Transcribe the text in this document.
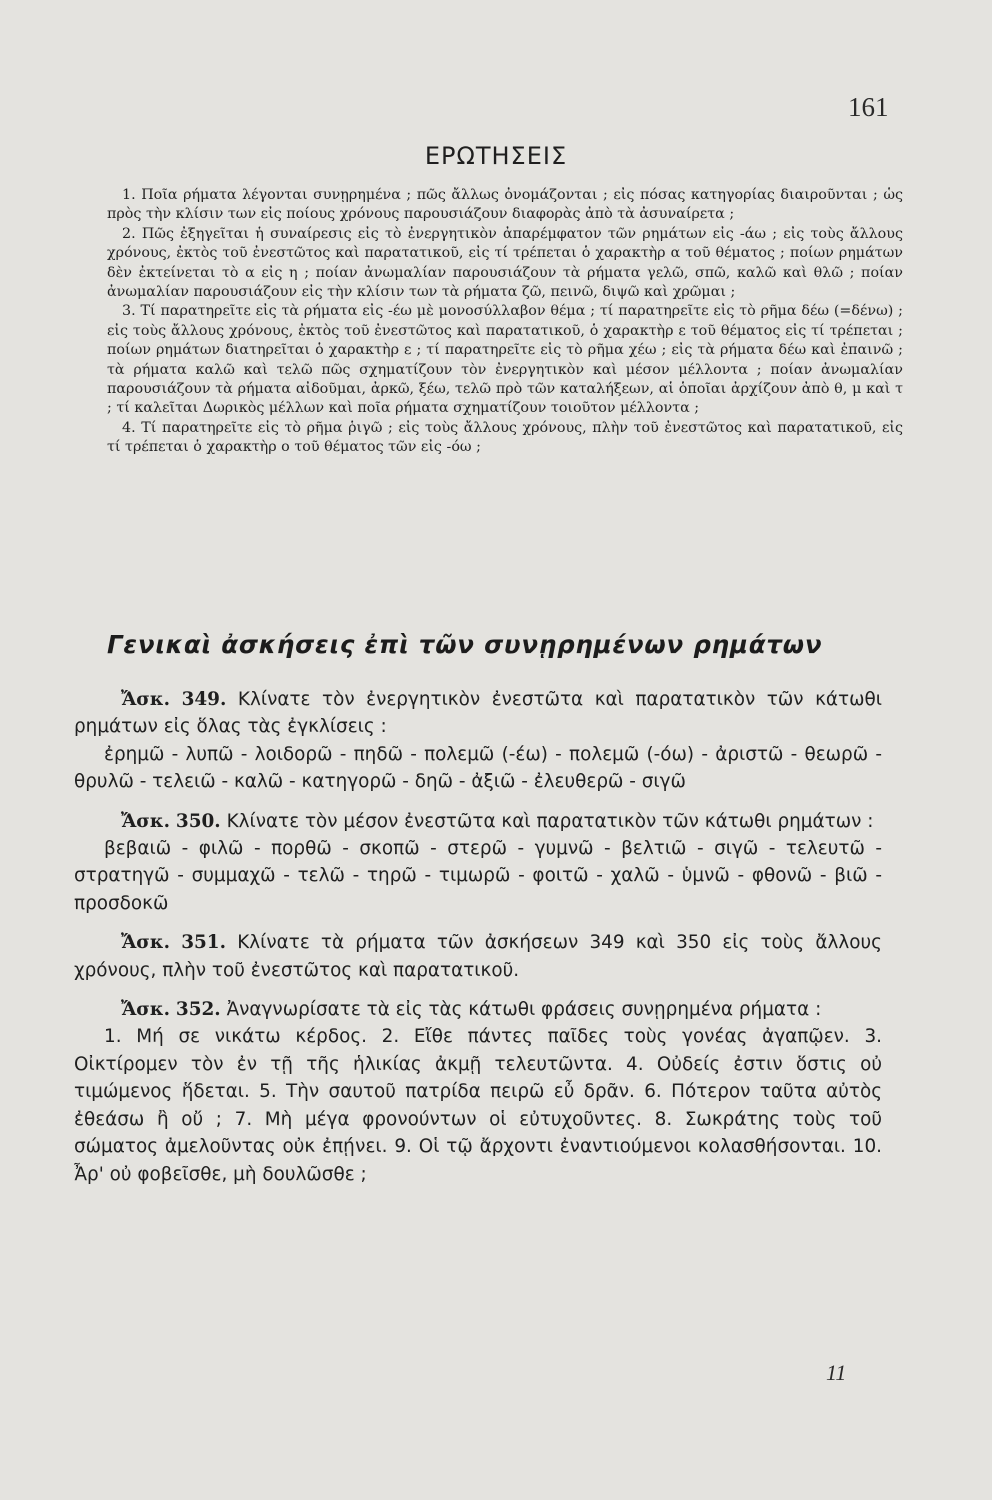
161
ΕΡΩΤΗΣΕΙΣ

1. Ποῖα ρήματα λέγονται συνῃρημένα ; πῶς ἄλλως ὀνομάζονται ; εἰς πόσας κατηγορίας διαιροῦνται ; ὡς πρὸς τὴν κλίσιν των εἰς ποίους χρόνους παρουσιάζουν διαφορὰς ἀπὸ τὰ ἀσυναίρετα ;

2. Πῶς ἐξηγεῖται ἡ συναίρεσις εἰς τὸ ἐνεργητικὸν ἀπαρέμφατον τῶν ρημάτων εἰς -άω ; εἰς τοὺς ἄλλους χρόνους, ἐκτὸς τοῦ ἐνεστῶτος καὶ παρατατικοῦ, εἰς τί τρέπεται ὁ χαρακτὴρ α τοῦ θέματος ; ποίων ρημάτων δὲν ἐκτείνεται τὸ α εἰς η ; ποίαν ἀνωμαλίαν παρουσιάζουν τὰ ρήματα γελῶ, σπῶ, καλῶ καὶ θλῶ ; ποίαν ἀνωμαλίαν παρουσιάζουν εἰς τὴν κλίσιν των τὰ ρήματα ζῶ, πεινῶ, διψῶ καὶ χρῶμαι ;

3. Τί παρατηρεῖτε εἰς τὰ ρήματα εἰς -έω μὲ μονοσύλλαβον θέμα ; τί παρατηρεῖτε εἰς τὸ ρῆμα δέω (=δένω) ; εἰς τοὺς ἄλλους χρόνους, ἐκτὸς τοῦ ἐνεστῶτος καὶ παρατατικοῦ, ὁ χαρακτὴρ ε τοῦ θέματος εἰς τί τρέπεται ; ποίων ρημάτων διατηρεῖται ὁ χαρακτὴρ ε ; τί παρατηρεῖτε εἰς τὸ ρῆμα χέω ; εἰς τὰ ρήματα δέω καὶ ἐπαινῶ ; τὰ ρήματα καλῶ καὶ τελῶ πῶς σχηματίζουν τὸν ἐνεργητικὸν καὶ μέσον μέλλοντα ; ποίαν ἀνωμαλίαν παρουσιάζουν τὰ ρήματα αἰδοῦμαι, ἀρκῶ, ξέω, τελῶ πρὸ τῶν καταλήξεων, αἱ ὁποῖαι ἀρχίζουν ἀπὸ θ, μ καὶ τ ; τί καλεῖται Δωρικὸς μέλλων καὶ ποῖα ρήματα σχηματίζουν τοιοῦτον μέλλοντα ;

4. Τί παρατηρεῖτε εἰς τὸ ρῆμα ῥιγῶ ; εἰς τοὺς ἄλλους χρόνους, πλὴν τοῦ ἐνεστῶτος καὶ παρατατικοῦ, εἰς τί τρέπεται ὁ χαρακτὴρ ο τοῦ θέματος τῶν εἰς -όω ;

Γενικαὶ ἀσκήσεις ἐπὶ τῶν συνῃρημένων ρημάτων

Ἄσκ. 349. Κλίνατε τὸν ἐνεργητικὸν ἐνεστῶτα καὶ παρατατικὸν τῶν κάτωθι ρημάτων εἰς ὅλας τὰς ἐγκλίσεις :

ἐρημῶ - λυπῶ - λοιδορῶ - πηδῶ - πολεμῶ (-έω) - πολεμῶ (-όω) - ἀριστῶ - θεωρῶ - θρυλῶ - τελειῶ - καλῶ - κατηγορῶ - δηῶ - ἀξιῶ - ἐλευθερῶ - σιγῶ

Ἄσκ. 350. Κλίνατε τὸν μέσον ἐνεστῶτα καὶ παρατατικὸν τῶν κάτωθι ρημάτων :

βεβαιῶ - φιλῶ - πορθῶ - σκοπῶ - στερῶ - γυμνῶ - βελτιῶ - σιγῶ - τελευτῶ - στρατηγῶ - συμμαχῶ - τελῶ - τηρῶ - τιμωρῶ - φοιτῶ - χαλῶ - ὑμνῶ - φθονῶ - βιῶ - προσδοκῶ

Ἄσκ. 351. Κλίνατε τὰ ρήματα τῶν ἀσκήσεων 349 καὶ 350 εἰς τοὺς ἄλλους χρόνους, πλὴν τοῦ ἐνεστῶτος καὶ παρατατικοῦ.

Ἄσκ. 352. Ἀναγνωρίσατε τὰ εἰς τὰς κάτωθι φράσεις συνῃρημένα ρήματα :

1. Μή σε νικάτω κέρδος. 2. Εἴθε πάντες παῖδες τοὺς γονέας ἀγαπῷεν. 3. Οἰκτίρομεν τὸν ἐν τῇ τῆς ἡλικίας ἀκμῇ τελευτῶντα. 4. Οὐδείς ἐστιν ὅστις οὐ τιμώμενος ἥδεται. 5. Τὴν σαυτοῦ πατρίδα πειρῶ εὖ δρᾶν. 6. Πότερον ταῦτα αὐτὸς ἐθεάσω ἢ οὔ ; 7. Μὴ μέγα φρονούντων οἱ εὐτυχοῦντες. 8. Σωκράτης τοὺς τοῦ σώματος ἀμελοῦντας οὐκ ἐπῄνει. 9. Οἱ τῷ ἄρχοντι ἐναντιούμενοι κολασθήσονται. 10. Ἆρ' οὐ φοβεῖσθε, μὴ δουλῶσθε ;

11
